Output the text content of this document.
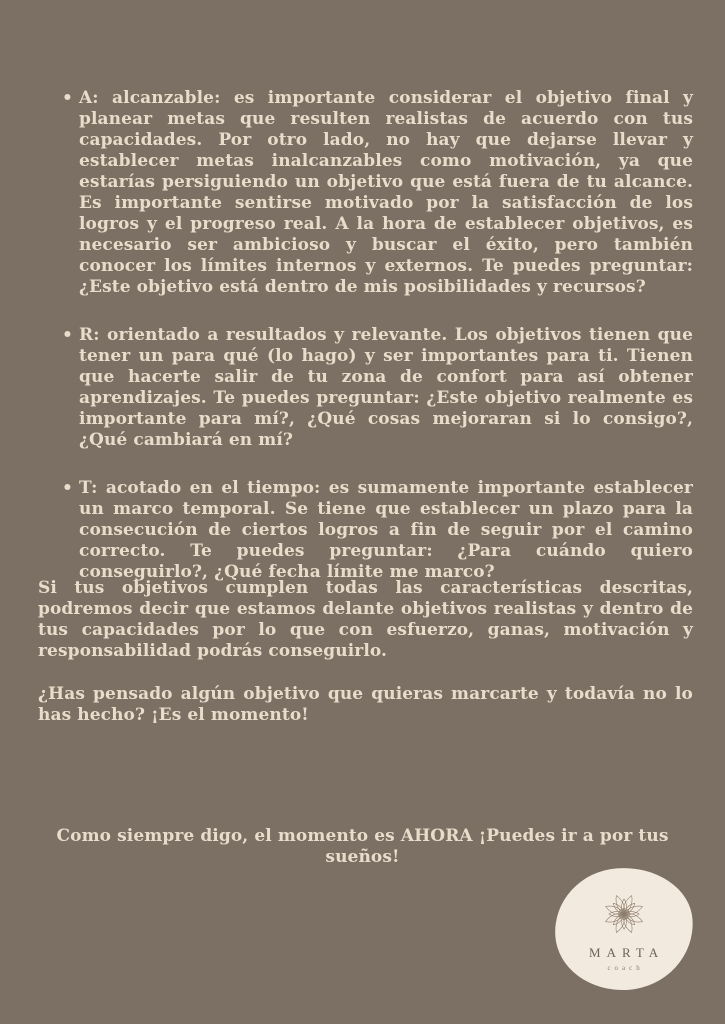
• A: alcanzable: es importante considerar el objetivo final y planear metas que resulten realistas de acuerdo con tus capacidades. Por otro lado, no hay que dejarse llevar y establecer metas inalcanzables como motivación, ya que estarías persiguiendo un objetivo que está fuera de tu alcance. Es importante sentirse motivado por la satisfacción de los logros y el progreso real. A la hora de establecer objetivos, es necesario ser ambicioso y buscar el éxito, pero también conocer los límites internos y externos. Te puedes preguntar: ¿Este objetivo está dentro de mis posibilidades y recursos?
• R: orientado a resultados y relevante. Los objetivos tienen que tener un para qué (lo hago) y ser importantes para ti. Tienen que hacerte salir de tu zona de confort para así obtener aprendizajes. Te puedes preguntar: ¿Este objetivo realmente es importante para mí?, ¿Qué cosas mejoraran si lo consigo?, ¿Qué cambiará en mí?
• T: acotado en el tiempo: es sumamente importante establecer un marco temporal. Se tiene que establecer un plazo para la consecución de ciertos logros a fin de seguir por el camino correcto. Te puedes preguntar: ¿Para cuándo quiero conseguirlo?, ¿Qué fecha límite me marco?
Si tus objetivos cumplen todas las características descritas, podremos decir que estamos delante objetivos realistas y dentro de tus capacidades por lo que con esfuerzo, ganas, motivación y responsabilidad podrás conseguirlo.
¿Has pensado algún objetivo que quieras marcarte y todavía no lo has hecho? ¡Es el momento!
Como siempre digo, el momento es AHORA ¡Puedes ir a por tus sueños!
MARTA
coach
